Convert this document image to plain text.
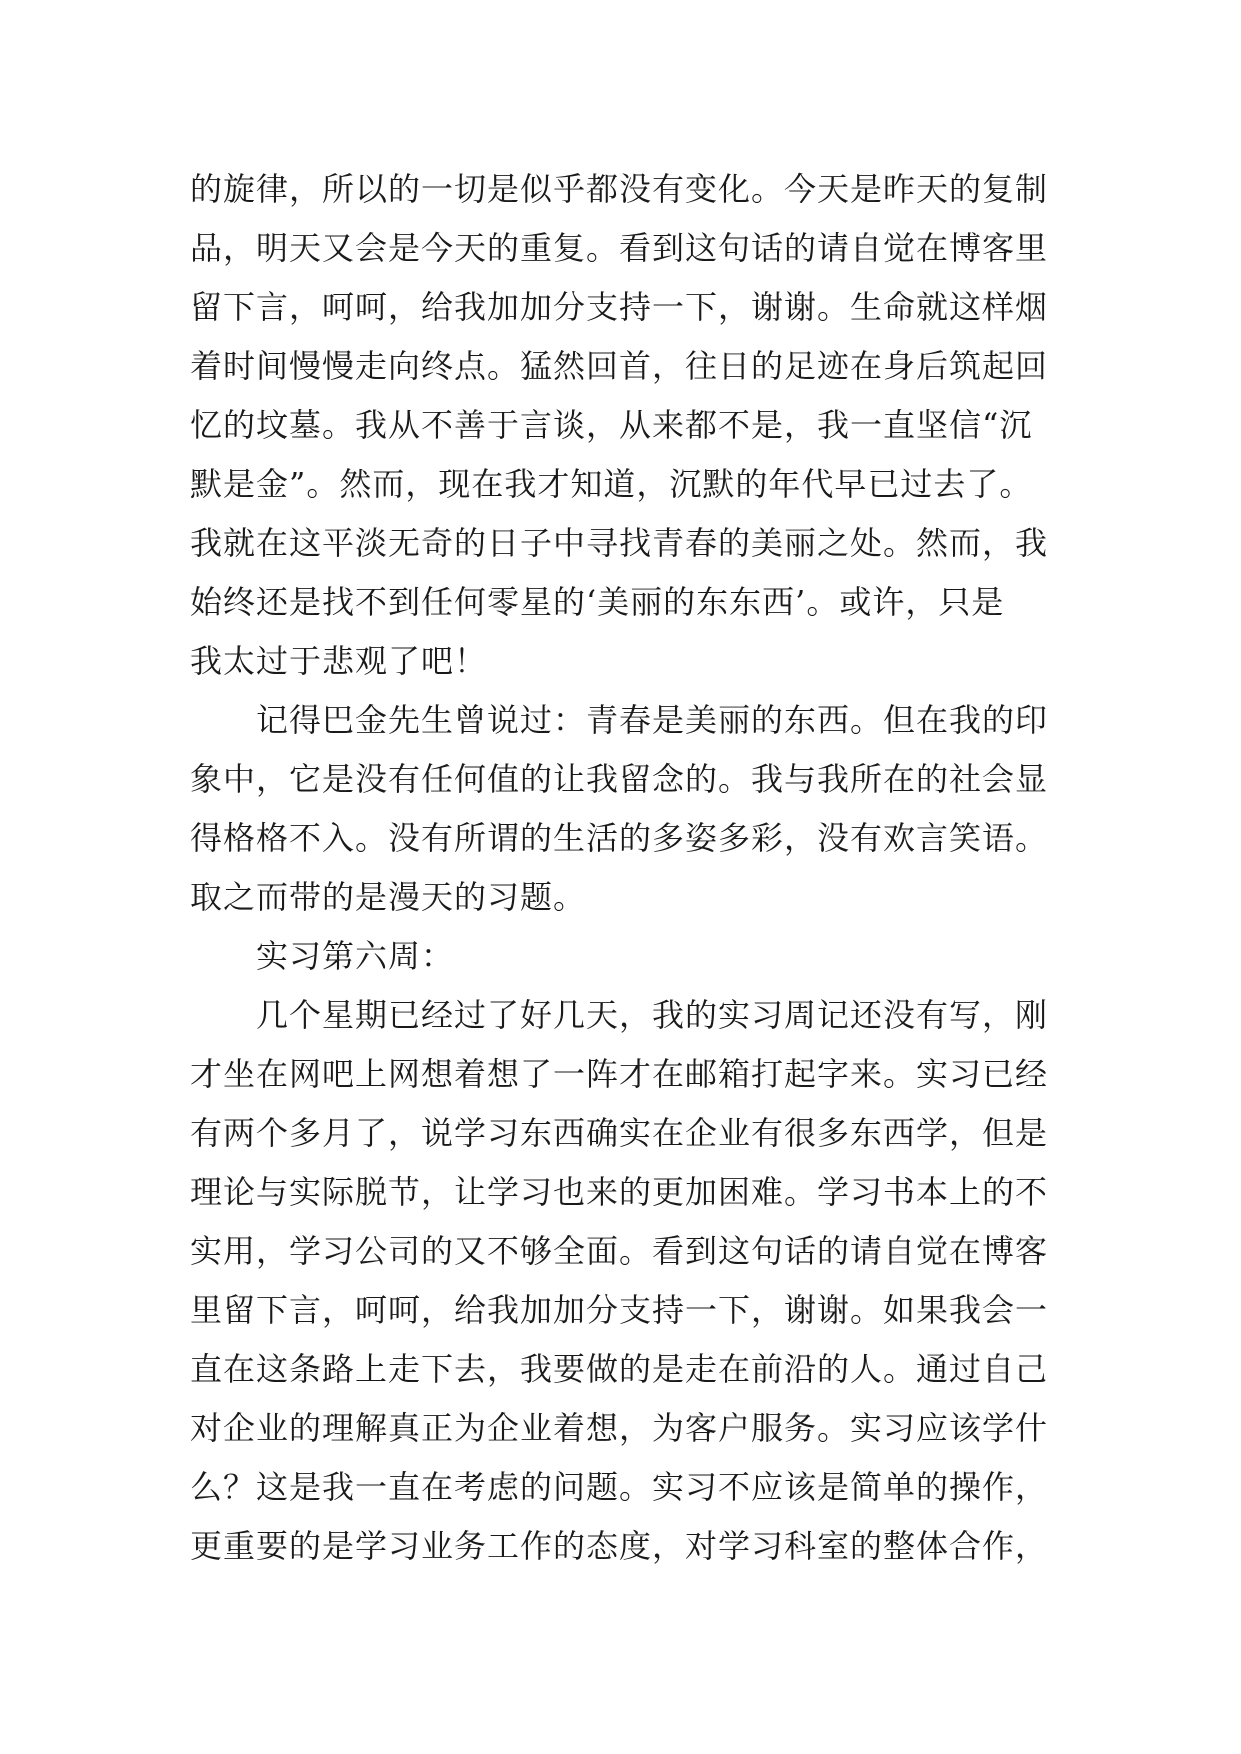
的旋律，所以的一切是似乎都没有变化。今天是昨天的复制
品，明天又会是今天的重复。看到这句话的请自觉在博客里
留下言，呵呵，给我加加分支持一下，谢谢。生命就这样烟
着时间慢慢走向终点。猛然回首，往日的足迹在身后筑起回
忆的坟墓。我从不善于言谈，从来都不是，我一直坚信“沉
默是金”。然而，现在我才知道，沉默的年代早已过去了。
我就在这平淡无奇的日子中寻找青春的美丽之处。然而，我
始终还是找不到任何零星的‘美丽的东东西’。或许，只是
我太过于悲观了吧！
记得巴金先生曾说过：青春是美丽的东西。但在我的印
象中，它是没有任何值的让我留念的。我与我所在的社会显
得格格不入。没有所谓的生活的多姿多彩，没有欢言笑语。
取之而带的是漫天的习题。
实习第六周：
几个星期已经过了好几天，我的实习周记还没有写，刚
才坐在网吧上网想着想了一阵才在邮箱打起字来。实习已经
有两个多月了，说学习东西确实在企业有很多东西学，但是
理论与实际脱节，让学习也来的更加困难。学习书本上的不
实用，学习公司的又不够全面。看到这句话的请自觉在博客
里留下言，呵呵，给我加加分支持一下，谢谢。如果我会一
直在这条路上走下去，我要做的是走在前沿的人。通过自己
对企业的理解真正为企业着想，为客户服务。实习应该学什
么？这是我一直在考虑的问题。实习不应该是简单的操作，
更重要的是学习业务工作的态度，对学习科室的整体合作，
